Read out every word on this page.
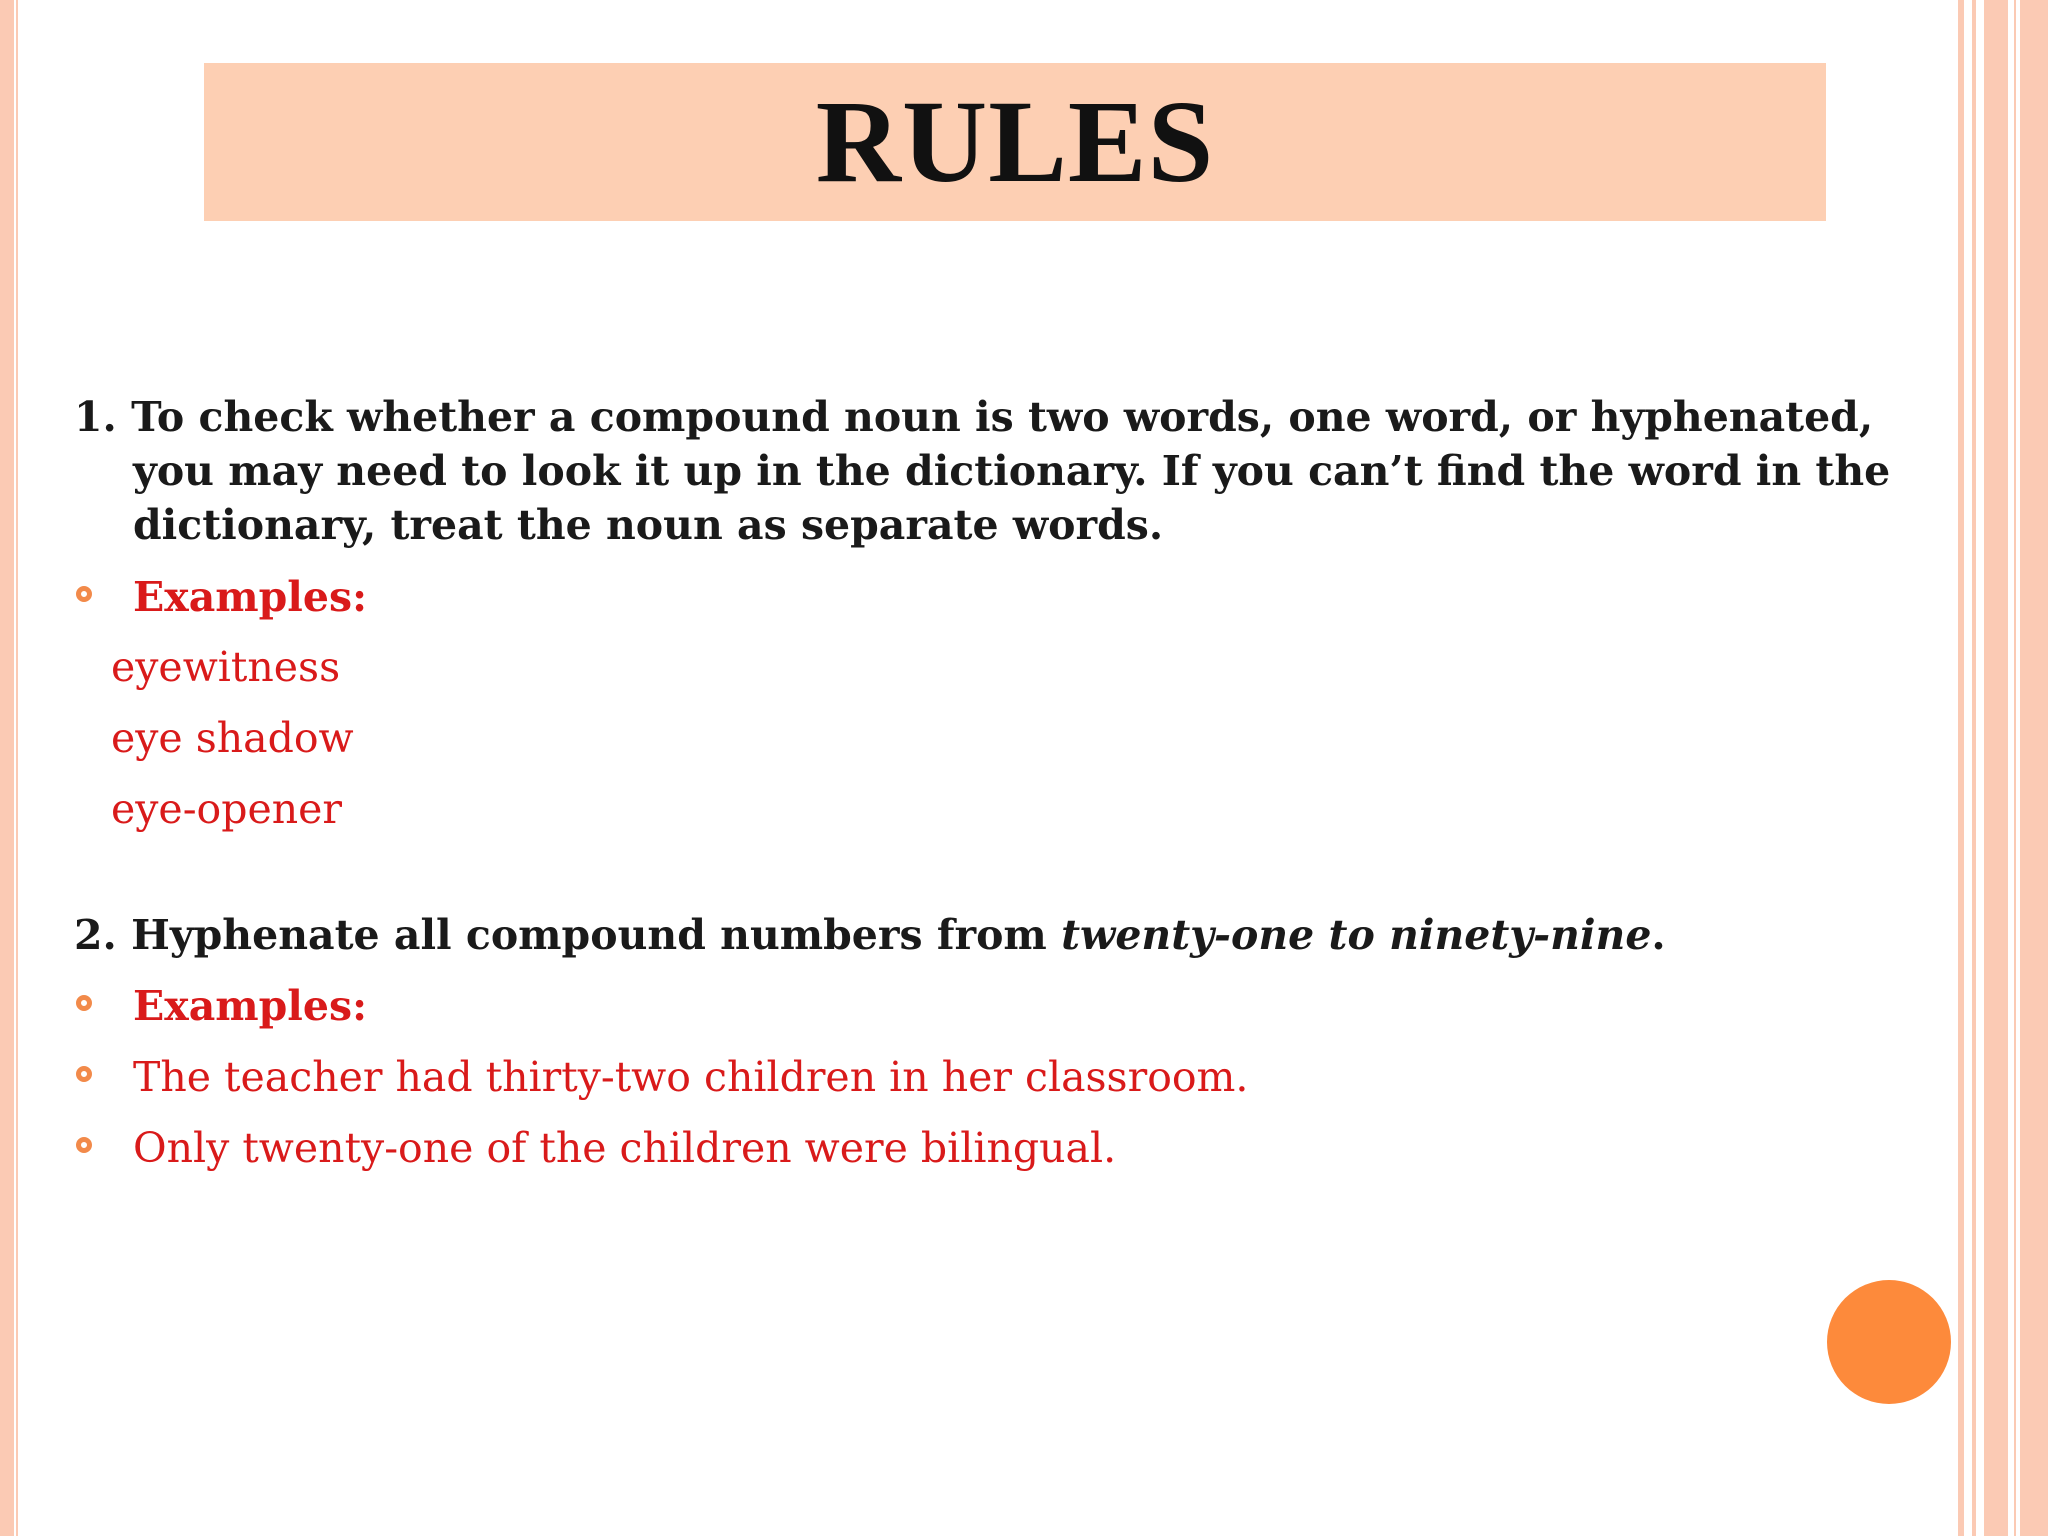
RULES

1. To check whether a compound noun is two words, one word, or hyphenated, you may need to look it up in the dictionary. If you can’t find the word in the dictionary, treat the noun as separate words.

Examples:
eyewitness
eye shadow
eye-opener

2. Hyphenate all compound numbers from twenty-one to ninety-nine.

Examples:
The teacher had thirty-two children in her classroom.
Only twenty-one of the children were bilingual.
